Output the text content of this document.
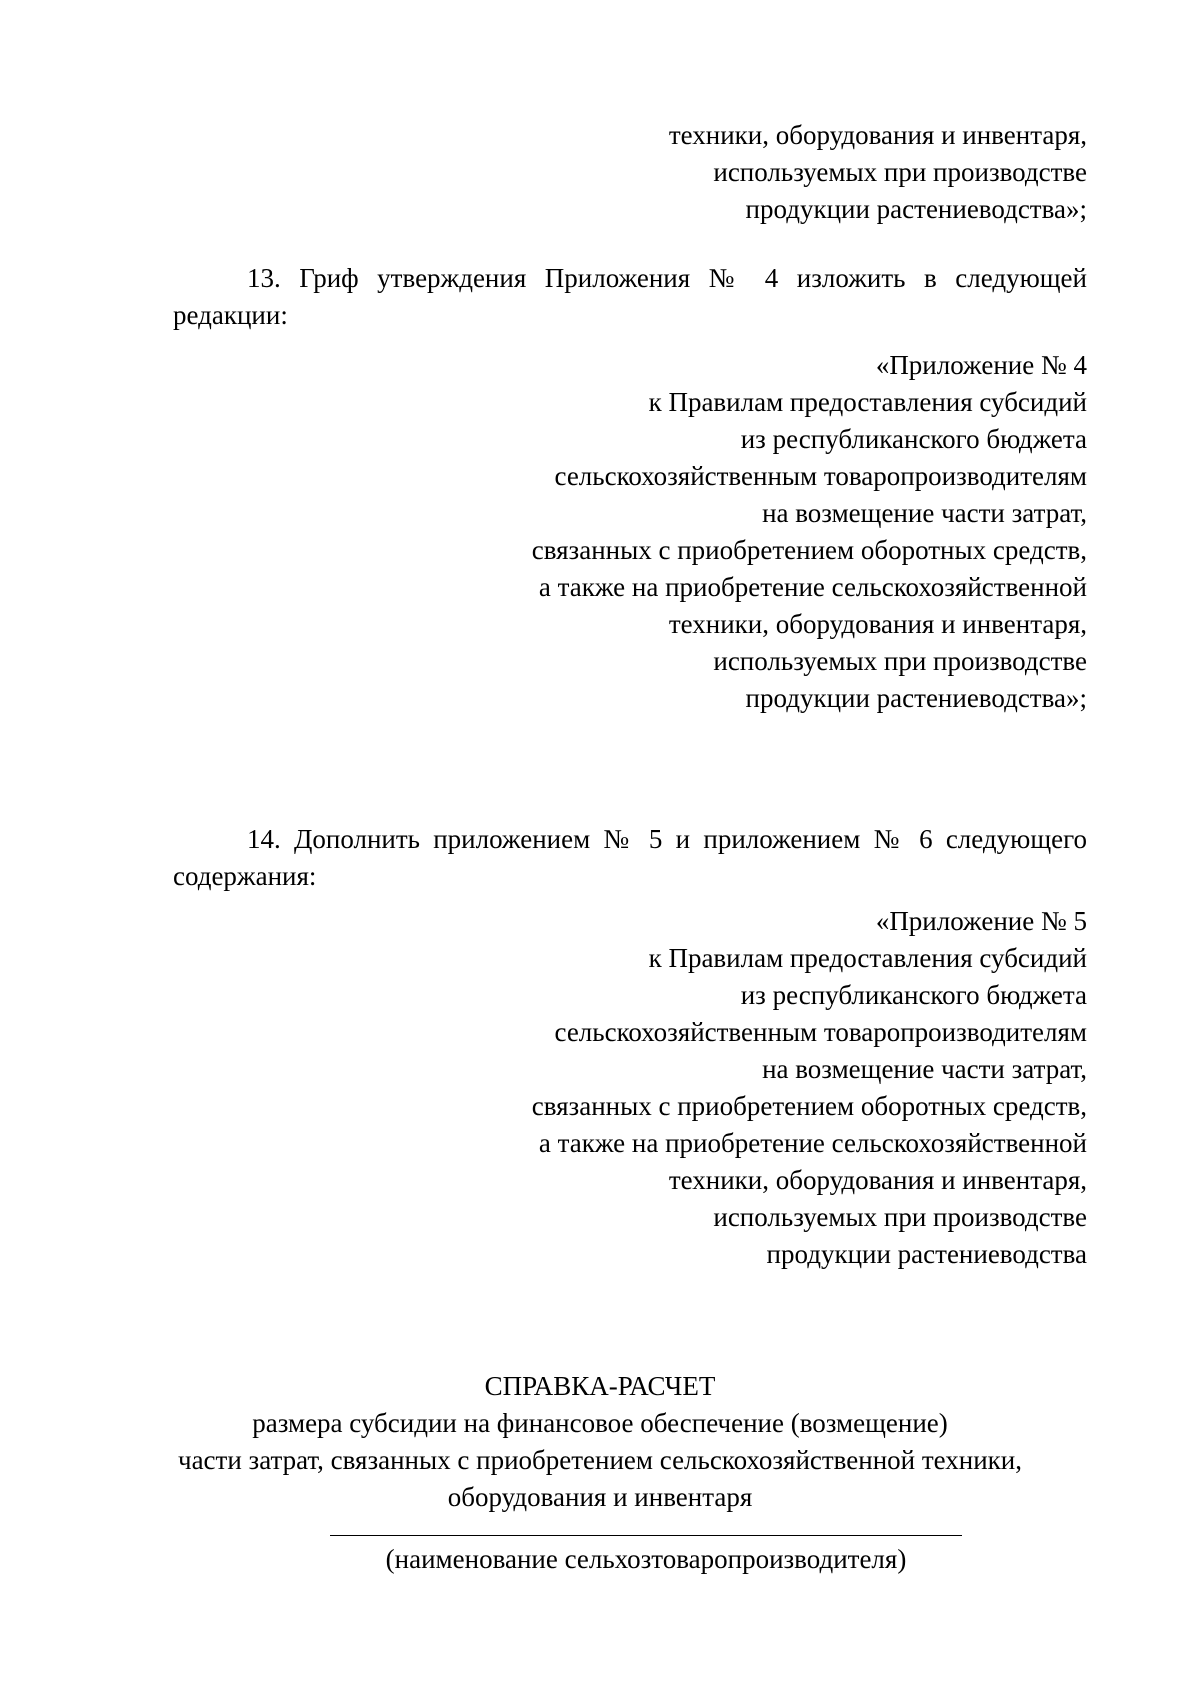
техники, оборудования и инвентаря,
используемых при производстве
продукции растениеводства»;
13. Гриф утверждения Приложения № 4 изложить в следующей
редакции:
«Приложение № 4
к Правилам предоставления субсидий
из республиканского бюджета
сельскохозяйственным товаропроизводителям
на возмещение части затрат,
связанных с приобретением оборотных средств,
а также на приобретение сельскохозяйственной
техники, оборудования и инвентаря,
используемых при производстве
продукции растениеводства»;
14. Дополнить приложением № 5 и приложением № 6 следующего
содержания:
«Приложение № 5
к Правилам предоставления субсидий
из республиканского бюджета
сельскохозяйственным товаропроизводителям
на возмещение части затрат,
связанных с приобретением оборотных средств,
а также на приобретение сельскохозяйственной
техники, оборудования и инвентаря,
используемых при производстве
продукции растениеводства
СПРАВКА-РАСЧЕТ
размера субсидии на финансовое обеспечение (возмещение)
части затрат, связанных с приобретением сельскохозяйственной техники,
оборудования и инвентаря
(наименование сельхозтоваропроизводителя)
